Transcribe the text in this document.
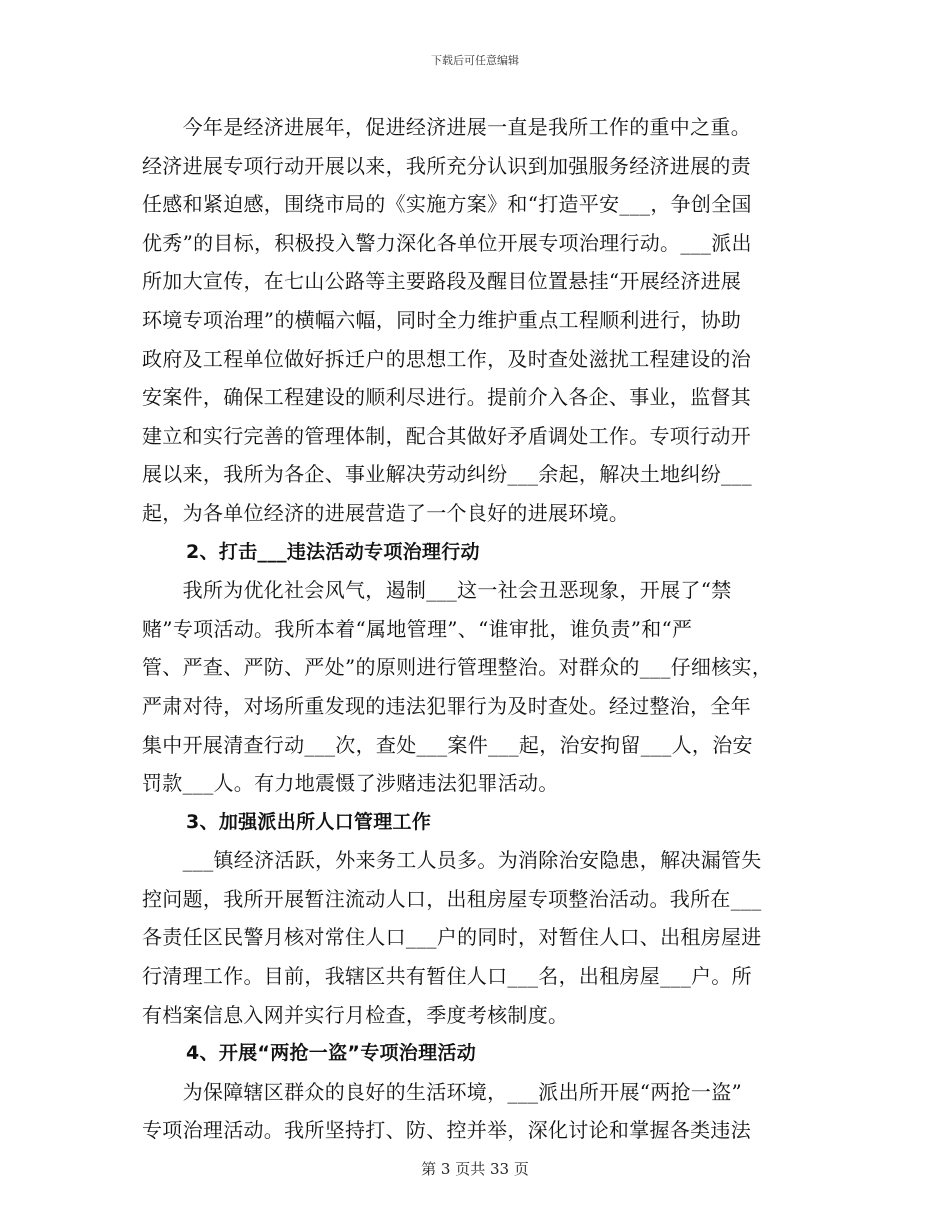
下载后可任意编辑
　　今年是经济进展年，促进经济进展一直是我所工作的重中之重。
经济进展专项行动开展以来，我所充分认识到加强服务经济进展的责
任感和紧迫感，围绕市局的《实施方案》和“打造平安___，争创全国
优秀”的目标，积极投入警力深化各单位开展专项治理行动。___派出
所加大宣传，在七山公路等主要路段及醒目位置悬挂“开展经济进展
环境专项治理”的横幅六幅，同时全力维护重点工程顺利进行，协助
政府及工程单位做好拆迁户的思想工作，及时查处滋扰工程建设的治
安案件，确保工程建设的顺利尽进行。提前介入各企、事业，监督其
建立和实行完善的管理体制，配合其做好矛盾调处工作。专项行动开
展以来，我所为各企、事业解决劳动纠纷___余起，解决土地纠纷___
起，为各单位经济的进展营造了一个良好的进展环境。
2、打击___违法活动专项治理行动
　　我所为优化社会风气，遏制___这一社会丑恶现象，开展了“禁
赌”专项活动。我所本着“属地管理”、“谁审批，谁负责”和“严
管、严查、严防、严处”的原则进行管理整治。对群众的___仔细核实，
严肃对待，对场所重发现的违法犯罪行为及时查处。经过整治，全年
集中开展清查行动___次，查处___案件___起，治安拘留___人，治安
罚款___人。有力地震慑了涉赌违法犯罪活动。
3、加强派出所人口管理工作
　　___镇经济活跃，外来务工人员多。为消除治安隐患，解决漏管失
控问题，我所开展暂注流动人口，出租房屋专项整治活动。我所在___
各责任区民警月核对常住人口___户的同时，对暂住人口、出租房屋进
行清理工作。目前，我辖区共有暂住人口___名，出租房屋___户。所
有档案信息入网并实行月检查，季度考核制度。
4、开展“两抢一盗”专项治理活动
　　为保障辖区群众的良好的生活环境，___派出所开展“两抢一盗”
专项治理活动。我所坚持打、防、控并举，深化讨论和掌握各类违法
第 3 页共 33 页
